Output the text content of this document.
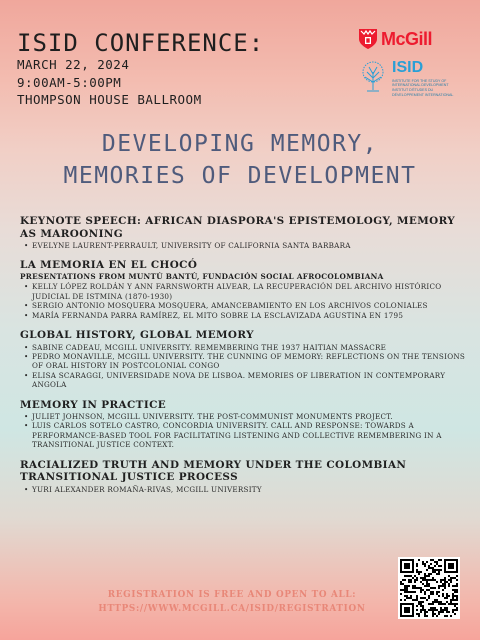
ISID CONFERENCE:
MARCH 22, 2024
9:00AM-5:00PM
THOMPSON HOUSE BALLROOM
McGill
ISID
INSTITUTE FOR THE STUDY OF INTERNATIONAL DEVELOPMENT
INSTITUT D'ÉTUDES DU DÉVELOPPEMENT INTERNATIONAL
DEVELOPING MEMORY,
MEMORIES OF DEVELOPMENT
KEYNOTE SPEECH: AFRICAN DIASPORA'S EPISTEMOLOGY, MEMORY AS MAROONING
• EVELYNE LAURENT-PERRAULT, UNIVERSITY OF CALIFORNIA SANTA BARBARA
LA MEMORIA EN EL CHOCÓ
PRESENTATIONS FROM MUNTÚ BANTÚ, FUNDACIÓN SOCIAL AFROCOLOMBIANA
• KELLY LÓPEZ ROLDÁN Y ANN FARNSWORTH ALVEAR, LA RECUPERACIÓN DEL ARCHIVO HISTÓRICO JUDICIAL DE ISTMINA (1870-1930)
• SERGIO ANTONIO MOSQUERA MOSQUERA, AMANCEBAMIENTO EN LOS ARCHIVOS COLONIALES
• MARÍA FERNANDA PARRA RAMÍREZ, EL MITO SOBRE LA ESCLAVIZADA AGUSTINA EN 1795
GLOBAL HISTORY, GLOBAL MEMORY
• SABINE CADEAU, MCGILL UNIVERSITY. REMEMBERING THE 1937 HAITIAN MASSACRE
• PEDRO MONAVILLE, MCGILL UNIVERSITY. THE CUNNING OF MEMORY: REFLECTIONS ON THE TENSIONS OF ORAL HISTORY IN POSTCOLONIAL CONGO
• ELISA SCARAGGI, UNIVERSIDADE NOVA DE LISBOA. MEMORIES OF LIBERATION IN CONTEMPORARY ANGOLA
MEMORY IN PRACTICE
• JULIET JOHNSON, MCGILL UNIVERSITY. THE POST-COMMUNIST MONUMENTS PROJECT.
• LUIS CARLOS SOTELO CASTRO, CONCORDIA UNIVERSITY. CALL AND RESPONSE: TOWARDS A PERFORMANCE-BASED TOOL FOR FACILITATING LISTENING AND COLLECTIVE REMEMBERING IN A TRANSITIONAL JUSTICE CONTEXT.
RACIALIZED TRUTH AND MEMORY UNDER THE COLOMBIAN TRANSITIONAL JUSTICE PROCESS
• YURI ALEXANDER ROMAÑA-RIVAS, MCGILL UNIVERSITY
REGISTRATION IS FREE AND OPEN TO ALL:
HTTPS://WWW.MCGILL.CA/ISID/REGISTRATION
